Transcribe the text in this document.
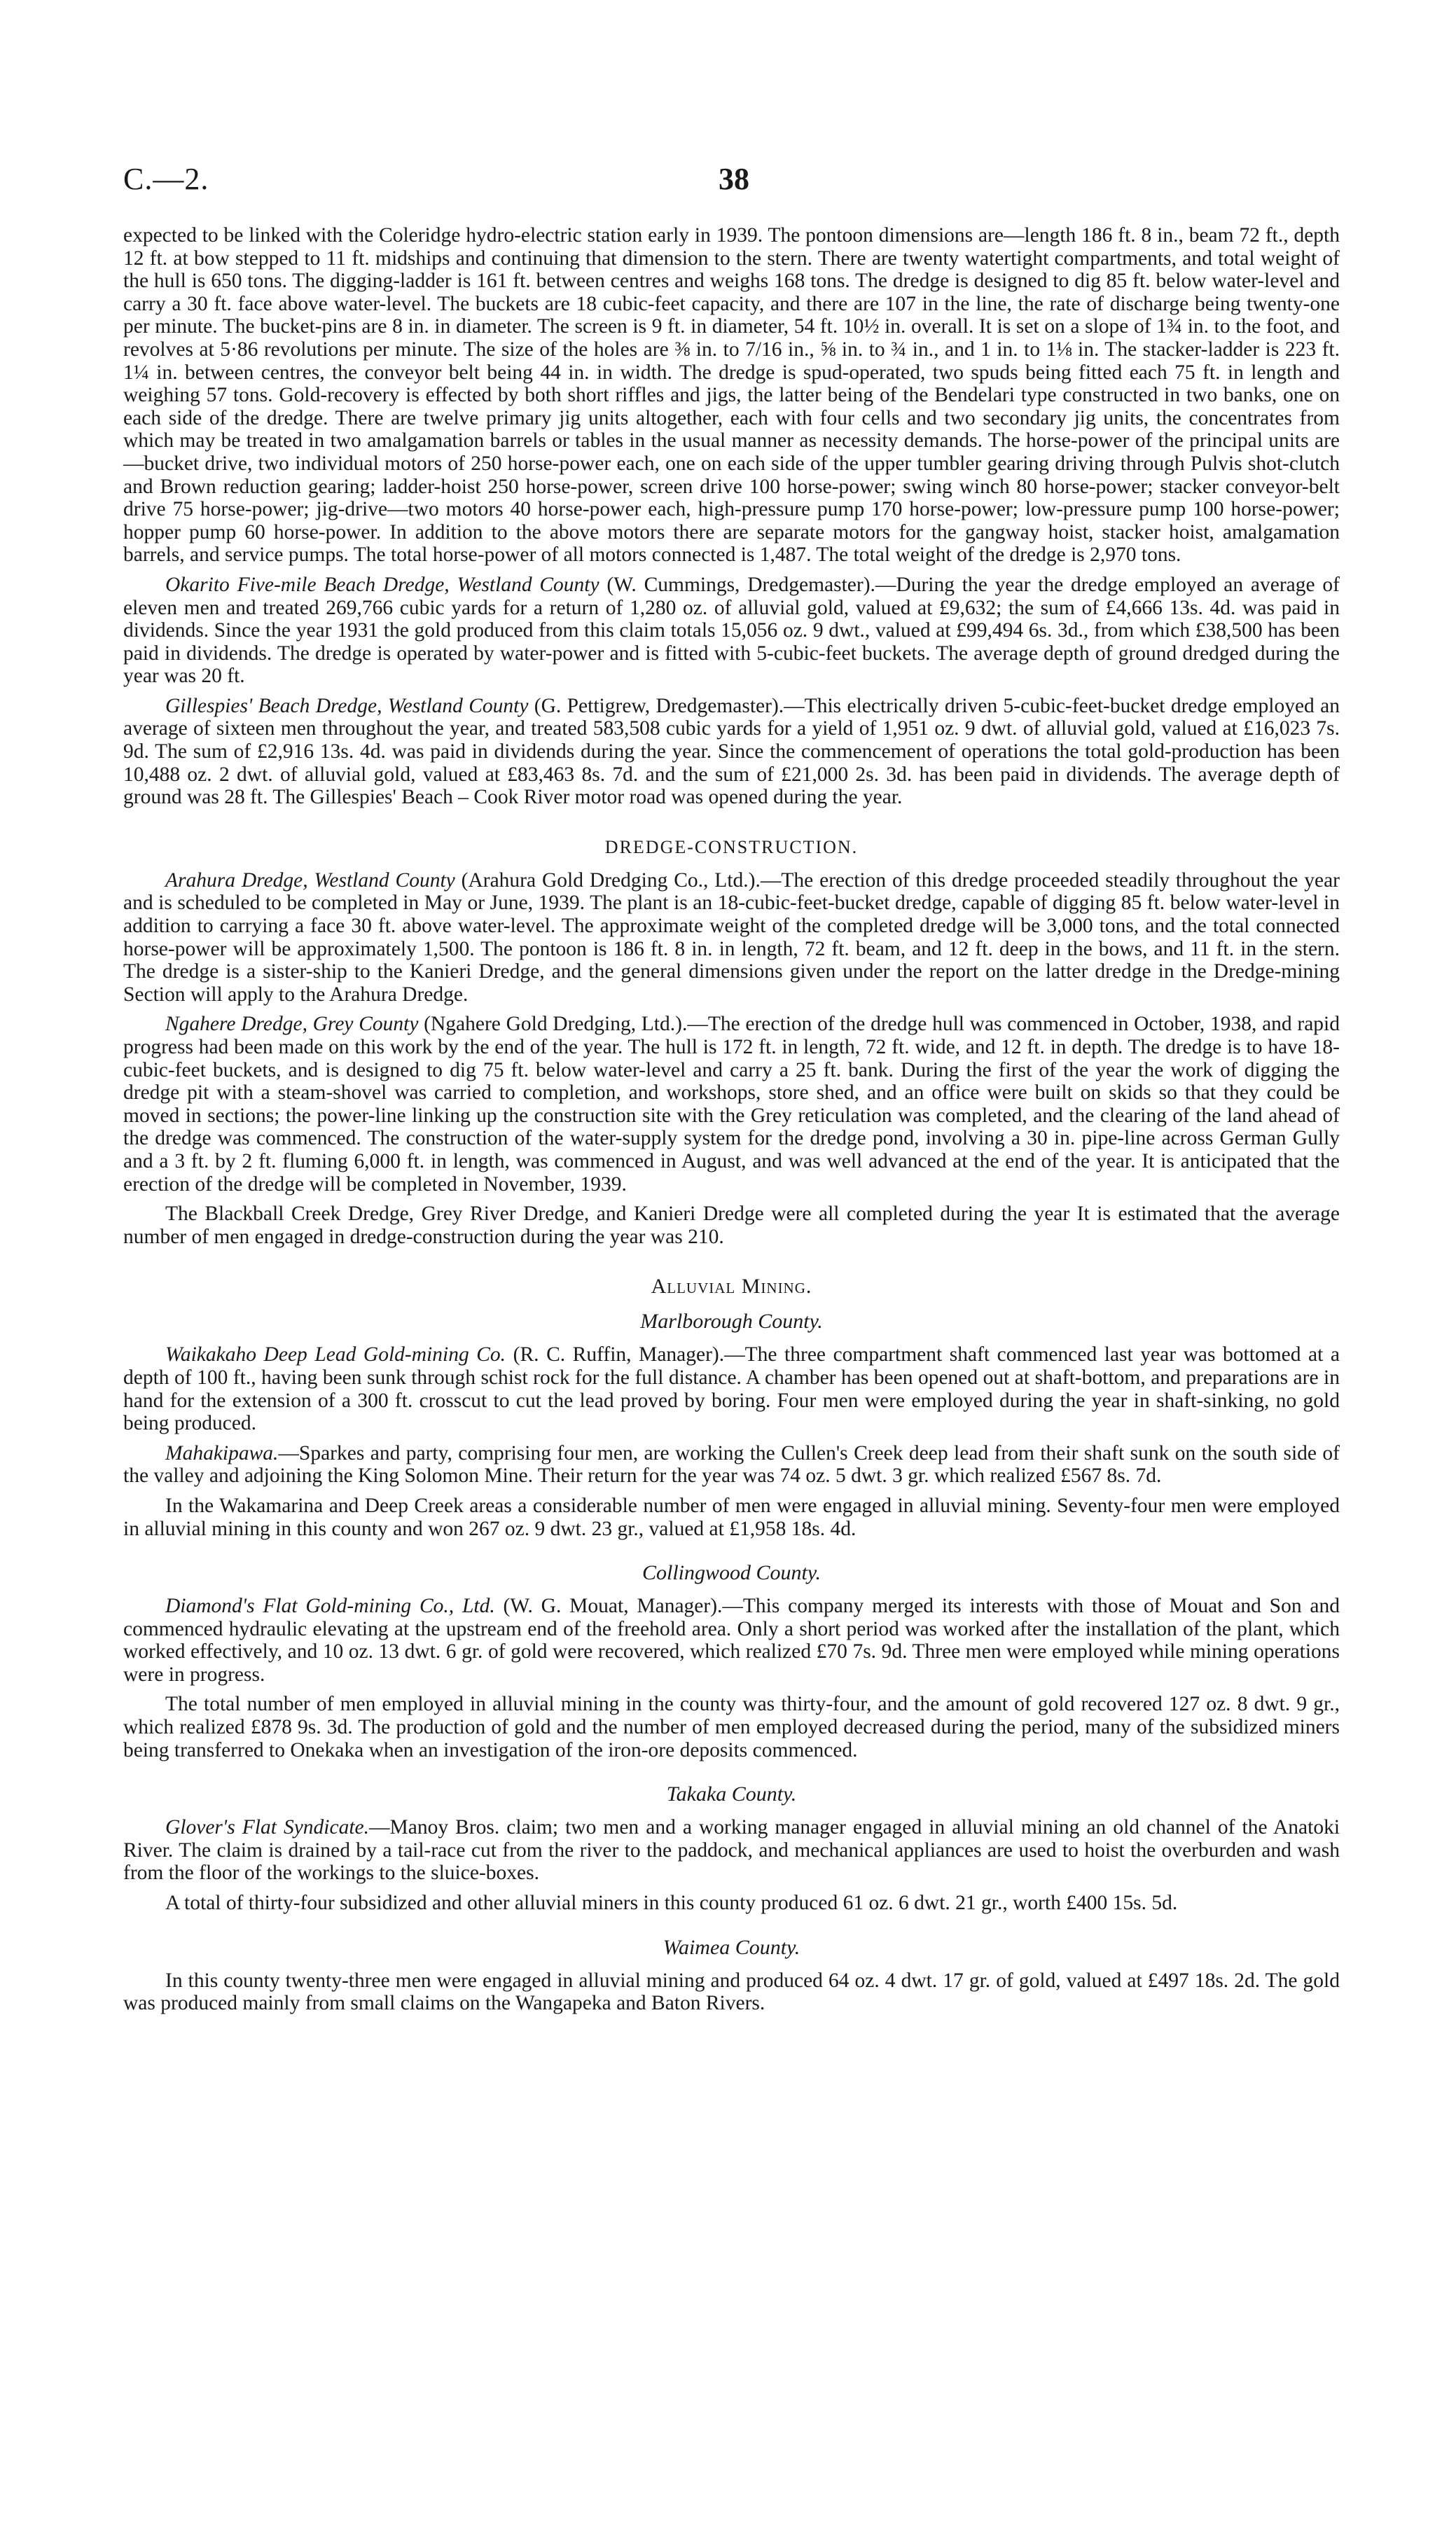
C.—2.	38

expected to be linked with the Coleridge hydro-electric station early in 1939. The pontoon dimensions are—length 186 ft. 8 in., beam 72 ft., depth 12 ft. at bow stepped to 11 ft. midships and continuing that dimension to the stern. There are twenty watertight compartments, and total weight of the hull is 650 tons. The digging-ladder is 161 ft. between centres and weighs 168 tons. The dredge is designed to dig 85 ft. below water-level and carry a 30 ft. face above water-level. The buckets are 18 cubic-feet capacity, and there are 107 in the line, the rate of discharge being twenty-one per minute. The bucket-pins are 8 in. in diameter. The screen is 9 ft. in diameter, 54 ft. 10½ in. overall. It is set on a slope of 1¾ in. to the foot, and revolves at 5·86 revolutions per minute. The size of the holes are ⅜ in. to 7/16 in., ⅝ in. to ¾ in., and 1 in. to 1⅛ in. The stacker-ladder is 223 ft. 1¼ in. between centres, the conveyor belt being 44 in. in width. The dredge is spud-operated, two spuds being fitted each 75 ft. in length and weighing 57 tons. Gold-recovery is effected by both short riffles and jigs, the latter being of the Bendelari type constructed in two banks, one on each side of the dredge. There are twelve primary jig units altogether, each with four cells and two secondary jig units, the concentrates from which may be treated in two amalgamation barrels or tables in the usual manner as necessity demands. The horse-power of the principal units are—bucket drive, two individual motors of 250 horse-power each, one on each side of the upper tumbler gearing driving through Pulvis shot-clutch and Brown reduction gearing; ladder-hoist 250 horse-power, screen drive 100 horse-power; swing winch 80 horse-power; stacker conveyor-belt drive 75 horse-power; jig-drive—two motors 40 horse-power each, high-pressure pump 170 horse-power; low-pressure pump 100 horse-power; hopper pump 60 horse-power. In addition to the above motors there are separate motors for the gangway hoist, stacker hoist, amalgamation barrels, and service pumps. The total horse-power of all motors connected is 1,487. The total weight of the dredge is 2,970 tons.

Okarito Five-mile Beach Dredge, Westland County (W. Cummings, Dredgemaster).—During the year the dredge employed an average of eleven men and treated 269,766 cubic yards for a return of 1,280 oz. of alluvial gold, valued at £9,632; the sum of £4,666 13s. 4d. was paid in dividends. Since the year 1931 the gold produced from this claim totals 15,056 oz. 9 dwt., valued at £99,494 6s. 3d., from which £38,500 has been paid in dividends. The dredge is operated by water-power and is fitted with 5-cubic-feet buckets. The average depth of ground dredged during the year was 20 ft.

Gillespies' Beach Dredge, Westland County (G. Pettigrew, Dredgemaster).—This electrically driven 5-cubic-feet-bucket dredge employed an average of sixteen men throughout the year, and treated 583,508 cubic yards for a yield of 1,951 oz. 9 dwt. of alluvial gold, valued at £16,023 7s. 9d. The sum of £2,916 13s. 4d. was paid in dividends during the year. Since the commencement of operations the total gold-production has been 10,488 oz. 2 dwt. of alluvial gold, valued at £83,463 8s. 7d. and the sum of £21,000 2s. 3d. has been paid in dividends. The average depth of ground was 28 ft. The Gillespies' Beach – Cook River motor road was opened during the year.

DREDGE-CONSTRUCTION.

Arahura Dredge, Westland County (Arahura Gold Dredging Co., Ltd.).—The erection of this dredge proceeded steadily throughout the year and is scheduled to be completed in May or June, 1939. The plant is an 18-cubic-feet-bucket dredge, capable of digging 85 ft. below water-level in addition to carrying a face 30 ft. above water-level. The approximate weight of the completed dredge will be 3,000 tons, and the total connected horse-power will be approximately 1,500. The pontoon is 186 ft. 8 in. in length, 72 ft. beam, and 12 ft. deep in the bows, and 11 ft. in the stern. The dredge is a sister-ship to the Kanieri Dredge, and the general dimensions given under the report on the latter dredge in the Dredge-mining Section will apply to the Arahura Dredge.

Ngahere Dredge, Grey County (Ngahere Gold Dredging, Ltd.).—The erection of the dredge hull was commenced in October, 1938, and rapid progress had been made on this work by the end of the year. The hull is 172 ft. in length, 72 ft. wide, and 12 ft. in depth. The dredge is to have 18-cubic-feet buckets, and is designed to dig 75 ft. below water-level and carry a 25 ft. bank. During the first of the year the work of digging the dredge pit with a steam-shovel was carried to completion, and workshops, store shed, and an office were built on skids so that they could be moved in sections; the power-line linking up the construction site with the Grey reticulation was completed, and the clearing of the land ahead of the dredge was commenced. The construction of the water-supply system for the dredge pond, involving a 30 in. pipe-line across German Gully and a 3 ft. by 2 ft. fluming 6,000 ft. in length, was commenced in August, and was well advanced at the end of the year. It is anticipated that the erection of the dredge will be completed in November, 1939.

The Blackball Creek Dredge, Grey River Dredge, and Kanieri Dredge were all completed during the year It is estimated that the average number of men engaged in dredge-construction during the year was 210.

Alluvial Mining.
Marlborough County.

Waikakaho Deep Lead Gold-mining Co. (R. C. Ruffin, Manager).—The three compartment shaft commenced last year was bottomed at a depth of 100 ft., having been sunk through schist rock for the full distance. A chamber has been opened out at shaft-bottom, and preparations are in hand for the extension of a 300 ft. crosscut to cut the lead proved by boring. Four men were employed during the year in shaft-sinking, no gold being produced.

Mahakipawa.—Sparkes and party, comprising four men, are working the Cullen's Creek deep lead from their shaft sunk on the south side of the valley and adjoining the King Solomon Mine. Their return for the year was 74 oz. 5 dwt. 3 gr. which realized £567 8s. 7d.

In the Wakamarina and Deep Creek areas a considerable number of men were engaged in alluvial mining. Seventy-four men were employed in alluvial mining in this county and won 267 oz. 9 dwt. 23 gr., valued at £1,958 18s. 4d.

Collingwood County.

Diamond's Flat Gold-mining Co., Ltd. (W. G. Mouat, Manager).—This company merged its interests with those of Mouat and Son and commenced hydraulic elevating at the upstream end of the freehold area. Only a short period was worked after the installation of the plant, which worked effectively, and 10 oz. 13 dwt. 6 gr. of gold were recovered, which realized £70 7s. 9d. Three men were employed while mining operations were in progress.

The total number of men employed in alluvial mining in the county was thirty-four, and the amount of gold recovered 127 oz. 8 dwt. 9 gr., which realized £878 9s. 3d. The production of gold and the number of men employed decreased during the period, many of the subsidized miners being transferred to Onekaka when an investigation of the iron-ore deposits commenced.

Takaka County.

Glover's Flat Syndicate.—Manoy Bros. claim; two men and a working manager engaged in alluvial mining an old channel of the Anatoki River. The claim is drained by a tail-race cut from the river to the paddock, and mechanical appliances are used to hoist the overburden and wash from the floor of the workings to the sluice-boxes.

A total of thirty-four subsidized and other alluvial miners in this county produced 61 oz. 6 dwt. 21 gr., worth £400 15s. 5d.

Waimea County.

In this county twenty-three men were engaged in alluvial mining and produced 64 oz. 4 dwt. 17 gr. of gold, valued at £497 18s. 2d. The gold was produced mainly from small claims on the Wangapeka and Baton Rivers.
